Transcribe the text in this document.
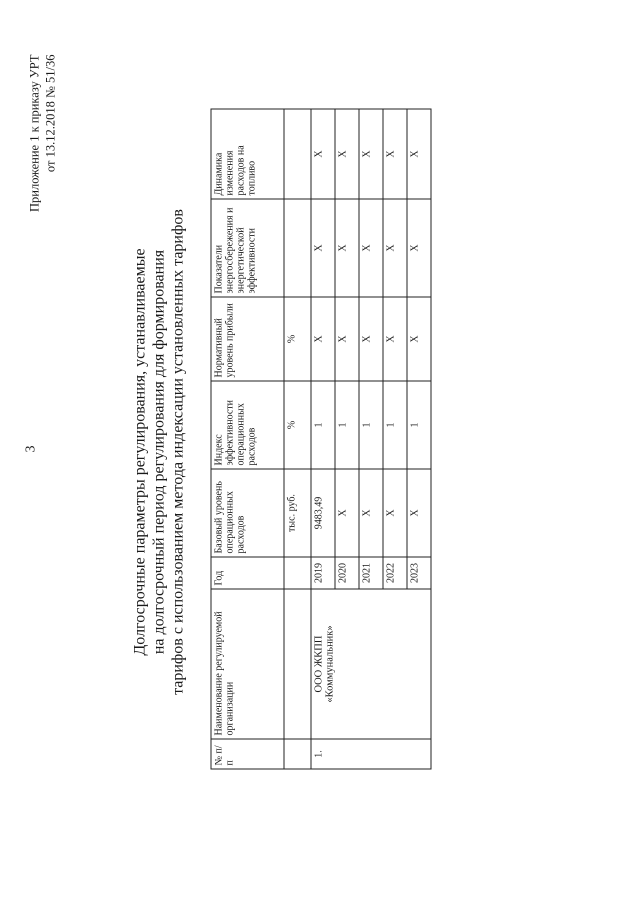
3
Приложение 1 к приказу УРТ от 13.12.2018 № 51/36
Долгосрочные параметры регулирования, устанавливаемые на долгосрочный период регулирования для формирования тарифов с использованием метода индексации установленных тарифов
№ п/п	Наименование регулируемой организации	Год	Базовый уровень операционных расходов	Индекс эффективности операционных расходов	Нормативный уровень прибыли	Показатели энергосбережения и энергетической эффективности	Динамика изменения расходов на топливо
			тыс. руб.	%	%		
1.	ООО ЖКПП «Коммунальник»	2019	9483,49	1	Х	Х	Х
		2020	Х	1	Х	Х	Х
		2021	Х	1	Х	Х	Х
		2022	Х	1	Х	Х	Х
		2023	Х	1	Х	Х	Х
